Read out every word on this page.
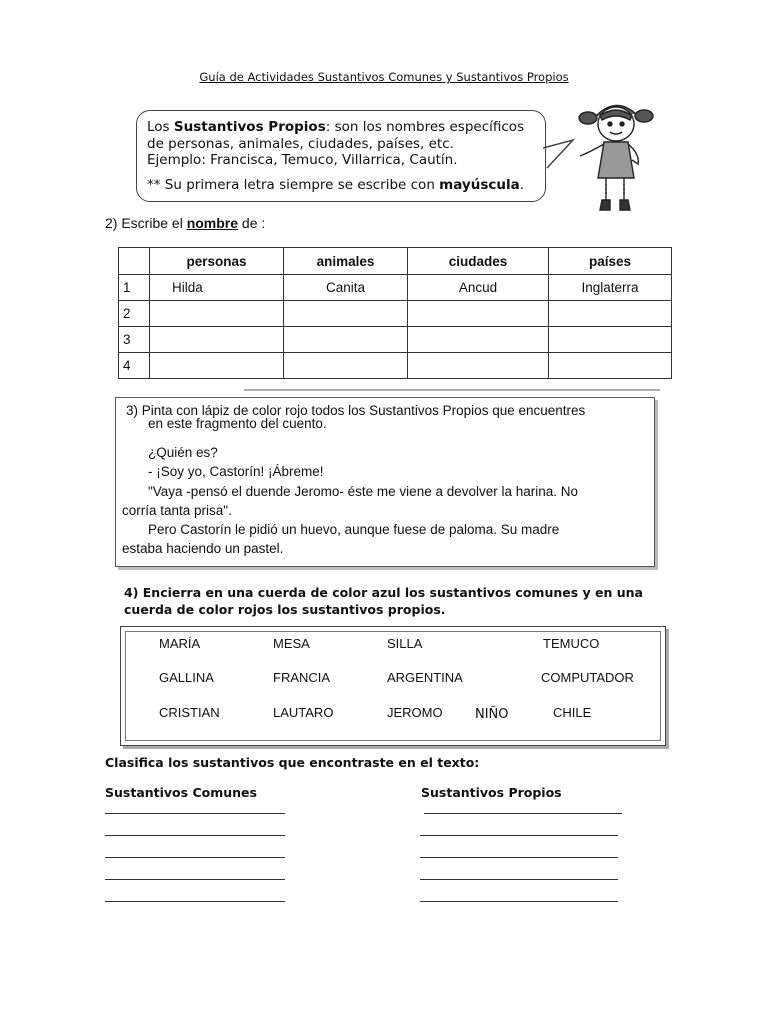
Guía de Actividades Sustantivos Comunes y Sustantivos Propios
Los Sustantivos Propios: son los nombres específicos
de personas, animales, ciudades, países, etc.
Ejemplo: Francisca, Temuco, Villarrica, Cautín.
** Su primera letra siempre se escribe con mayúscula.
2) Escribe el nombre de :
	personas	animales	ciudades	países
1	Hilda	Canita	Ancud	Inglaterra
2				
3				
4				
3) Pinta con lápiz de color rojo todos los Sustantivos Propios que encuentres
en este fragmento del cuento.
¿Quién es?
- ¡Soy yo, Castorín! ¡Ábreme!
"Vaya -pensó el duende Jeromo- éste me viene a devolver la harina. No
corría tanta prisa".
Pero Castorín le pidió un huevo, aunque fuese de paloma. Su madre
estaba haciendo un pastel.
4) Encierra en una cuerda de color azul los sustantivos comunes y en una
cuerda de color rojos los sustantivos propios.
MARÍA	MESA	SILLA	TEMUCO
GALLINA	FRANCIA	ARGENTINA	COMPUTADOR
CRISTIAN	LAUTARO	JEROMO NIÑO	CHILE
Clasifica los sustantivos que encontraste en el texto:
Sustantivos Comunes	Sustantivos Propios
